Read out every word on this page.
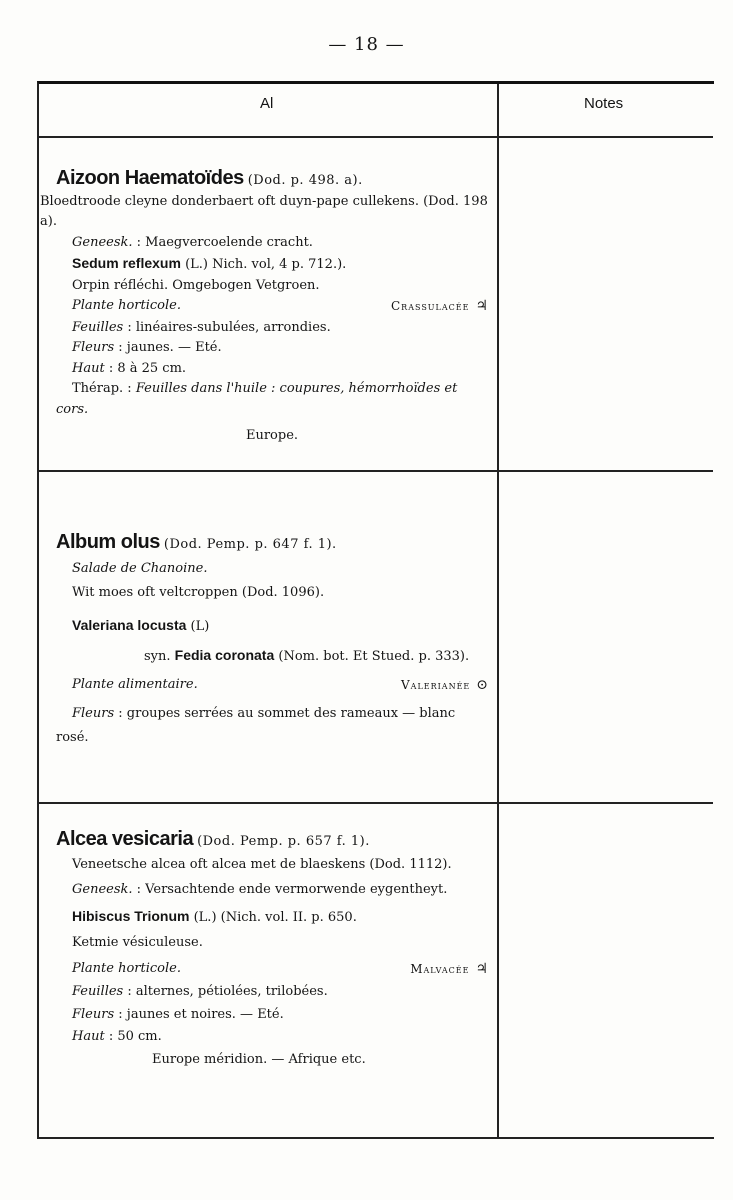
— 18 —
Al	Notes
Aizoon Haematoïdes (Dod. p. 498. a).
Bloedtroode cleyne donderbaert oft duyn-pape cullekens. (Dod. 198 a).
Geneesk. : Maegvercoelende cracht.
Sedum reflexum (L.) Nich. vol, 4 p. 712.).
Orpin réfléchi. Omgebogen Vetgroen.
Plante horticole.	Crassulacée ♃
Feuilles : linéaires-subulées, arrondies.
Fleurs : jaunes. — Eté.
Haut : 8 à 25 cm.
Thérap. : Feuilles dans l'huile : coupures, hémorrhoïdes et cors.
Europe.
Album olus (Dod. Pemp. p. 647 f. 1).
Salade de Chanoine.
Wit moes oft veltcroppen (Dod. 1096).
Valeriana locusta (L)
syn. Fedia coronata (Nom. bot. Et Stued. p. 333).
Plante alimentaire.	Valerianée ⊙
Fleurs : groupes serrées au sommet des rameaux — blanc rosé.
Alcea vesicaria (Dod. Pemp. p. 657 f. 1).
Veneetsche alcea oft alcea met de blaeskens (Dod. 1112).
Geneesk. : Versachtende ende vermorwende eygentheyt.
Hibiscus Trionum (L.) (Nich. vol. II. p. 650.
Ketmie vésiculeuse.
Plante horticole.	Malvacée ♃
Feuilles : alternes, pétiolées, trilobées.
Fleurs : jaunes et noires. — Eté.
Haut : 50 cm.
Europe méridion. — Afrique etc.
